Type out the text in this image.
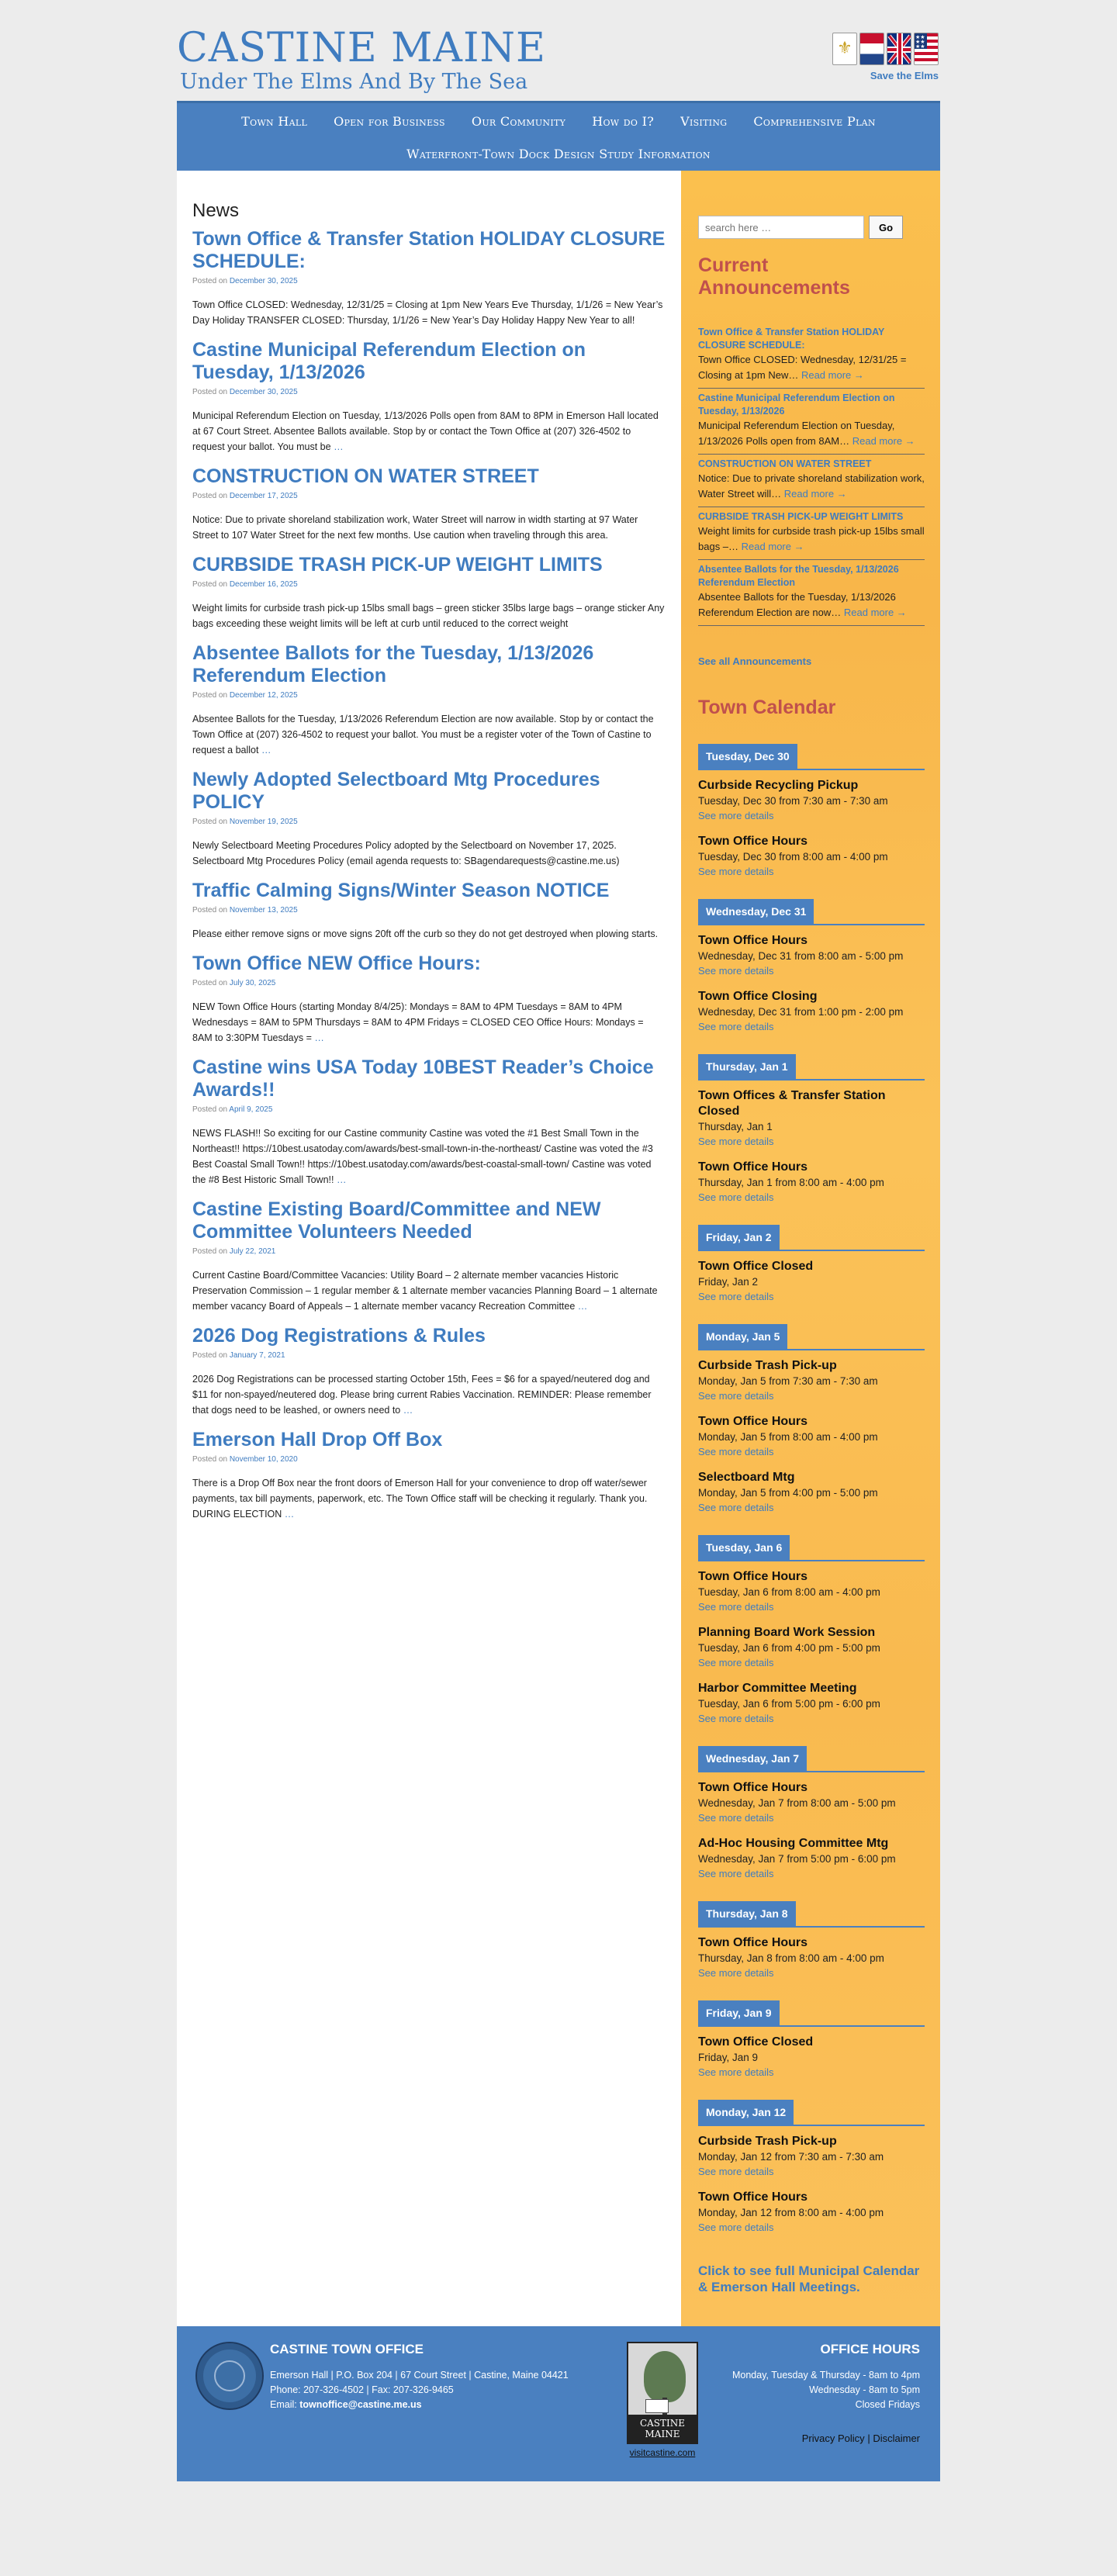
CASTINE MAINE
Under The Elms And By The Sea
⚜
★★
★★
★★
Save the Elms
Town Hall	Open for Business	Our Community	How do I?	Visiting	Comprehensive Plan
Waterfront-Town Dock Design Study Information
News
Town Office & Transfer Station HOLIDAY CLOSURE SCHEDULE:
Posted on December 30, 2025

Town Office CLOSED: Wednesday, 12/31/25 = Closing at 1pm New Years Eve Thursday, 1/1/26 = New Year’s Day Holiday TRANSFER CLOSED: Thursday, 1/1/26 = New Year’s Day Holiday Happy New Year to all!

Castine Municipal Referendum Election on Tuesday, 1/13/2026
Posted on December 30, 2025

Municipal Referendum Election on Tuesday, 1/13/2026 Polls open from 8AM to 8PM in Emerson Hall located at 67 Court Street. Absentee Ballots available. Stop by or contact the Town Office at (207) 326-4502 to request your ballot. You must be …

CONSTRUCTION ON WATER STREET
Posted on December 17, 2025

Notice: Due to private shoreland stabilization work, Water Street will narrow in width starting at 97 Water Street to 107 Water Street for the next few months. Use caution when traveling through this area.

CURBSIDE TRASH PICK-UP WEIGHT LIMITS
Posted on December 16, 2025

Weight limits for curbside trash pick-up 15lbs small bags – green sticker 35lbs large bags – orange sticker Any bags exceeding these weight limits will be left at curb until reduced to the correct weight

Absentee Ballots for the Tuesday, 1/13/2026 Referendum Election
Posted on December 12, 2025

Absentee Ballots for the Tuesday, 1/13/2026 Referendum Election are now available. Stop by or contact the Town Office at (207) 326-4502 to request your ballot. You must be a register voter of the Town of Castine to request a ballot …

Newly Adopted Selectboard Mtg Procedures POLICY
Posted on November 19, 2025

Newly Selectboard Meeting Procedures Policy adopted by the Selectboard on November 17, 2025. Selectboard Mtg Procedures Policy (email agenda requests to: SBagendarequests@castine.me.us)

Traffic Calming Signs/Winter Season NOTICE
Posted on November 13, 2025

Please either remove signs or move signs 20ft off the curb so they do not get destroyed when plowing starts.

Town Office NEW Office Hours:
Posted on July 30, 2025

NEW Town Office Hours (starting Monday 8/4/25): Mondays = 8AM to 4PM Tuesdays = 8AM to 4PM Wednesdays = 8AM to 5PM Thursdays = 8AM to 4PM Fridays = CLOSED CEO Office Hours: Mondays = 8AM to 3:30PM Tuesdays = …

Castine wins USA Today 10BEST Reader’s Choice Awards!!
Posted on April 9, 2025

NEWS FLASH!! So exciting for our Castine community Castine was voted the #1 Best Small Town in the Northeast!! https://10best.usatoday.com/awards/best-small-town-in-the-northeast/ Castine was voted the #3 Best Coastal Small Town!! https://10best.usatoday.com/awards/best-coastal-small-town/ Castine was voted the #8 Best Historic Small Town!! …

Castine Existing Board/Committee and NEW Committee Volunteers Needed
Posted on July 22, 2021

Current Castine Board/Committee Vacancies: Utility Board – 2 alternate member vacancies Historic Preservation Commission – 1 regular member & 1 alternate member vacancies Planning Board – 1 alternate member vacancy Board of Appeals – 1 alternate member vacancy Recreation Committee …

2026 Dog Registrations & Rules
Posted on January 7, 2021

2026 Dog Registrations can be processed starting October 15th, Fees = $6 for a spayed/neutered dog and $11 for non-spayed/neutered dog. Please bring current Rabies Vaccination. REMINDER: Please remember that dogs need to be leashed, or owners need to …

Emerson Hall Drop Off Box
Posted on November 10, 2020

There is a Drop Off Box near the front doors of Emerson Hall for your convenience to drop off water/sewer payments, tax bill payments, paperwork, etc. The Town Office staff will be checking it regularly. Thank you. DURING ELECTION …

search here …
Go
Current Announcements
Town Office & Transfer Station HOLIDAY CLOSURE SCHEDULE:
Town Office CLOSED: Wednesday, 12/31/25 = Closing at 1pm New… Read more →
Castine Municipal Referendum Election on Tuesday, 1/13/2026
Municipal Referendum Election on Tuesday, 1/13/2026 Polls open from 8AM… Read more →
CONSTRUCTION ON WATER STREET
Notice: Due to private shoreland stabilization work, Water Street will… Read more →
CURBSIDE TRASH PICK-UP WEIGHT LIMITS
Weight limits for curbside trash pick-up 15lbs small bags –… Read more →
Absentee Ballots for the Tuesday, 1/13/2026 Referendum Election
Absentee Ballots for the Tuesday, 1/13/2026 Referendum Election are now… Read more →
See all Announcements
Town Calendar
Tuesday, Dec 30
Curbside Recycling Pickup
Tuesday, Dec 30 from 7:30 am - 7:30 am
See more details
Town Office Hours
Tuesday, Dec 30 from 8:00 am - 4:00 pm
See more details
Wednesday, Dec 31
Town Office Hours
Wednesday, Dec 31 from 8:00 am - 5:00 pm
See more details
Town Office Closing
Wednesday, Dec 31 from 1:00 pm - 2:00 pm
See more details
Thursday, Jan 1
Town Offices & Transfer Station Closed
Thursday, Jan 1
See more details
Town Office Hours
Thursday, Jan 1 from 8:00 am - 4:00 pm
See more details
Friday, Jan 2
Town Office Closed
Friday, Jan 2
See more details
Monday, Jan 5
Curbside Trash Pick-up
Monday, Jan 5 from 7:30 am - 7:30 am
See more details
Town Office Hours
Monday, Jan 5 from 8:00 am - 4:00 pm
See more details
Selectboard Mtg
Monday, Jan 5 from 4:00 pm - 5:00 pm
See more details
Tuesday, Jan 6
Town Office Hours
Tuesday, Jan 6 from 8:00 am - 4:00 pm
See more details
Planning Board Work Session
Tuesday, Jan 6 from 4:00 pm - 5:00 pm
See more details
Harbor Committee Meeting
Tuesday, Jan 6 from 5:00 pm - 6:00 pm
See more details
Wednesday, Jan 7
Town Office Hours
Wednesday, Jan 7 from 8:00 am - 5:00 pm
See more details
Ad-Hoc Housing Committee Mtg
Wednesday, Jan 7 from 5:00 pm - 6:00 pm
See more details
Thursday, Jan 8
Town Office Hours
Thursday, Jan 8 from 8:00 am - 4:00 pm
See more details
Friday, Jan 9
Town Office Closed
Friday, Jan 9
See more details
Monday, Jan 12
Curbside Trash Pick-up
Monday, Jan 12 from 7:30 am - 7:30 am
See more details
Town Office Hours
Monday, Jan 12 from 8:00 am - 4:00 pm
See more details
Click to see full Municipal Calendar & Emerson Hall Meetings.
CASTINE TOWN OFFICE
Emerson Hall | P.O. Box 204 | 67 Court Street | Castine, Maine 04421
Phone: 207-326-4502 | Fax: 207-326-9465
Email: townoffice@castine.me.us
CASTINE MAINE
visitcastine.com
OFFICE HOURS
Monday, Tuesday & Thursday - 8am to 4pm
Wednesday - 8am to 5pm
Closed Fridays
Privacy Policy | Disclaimer
